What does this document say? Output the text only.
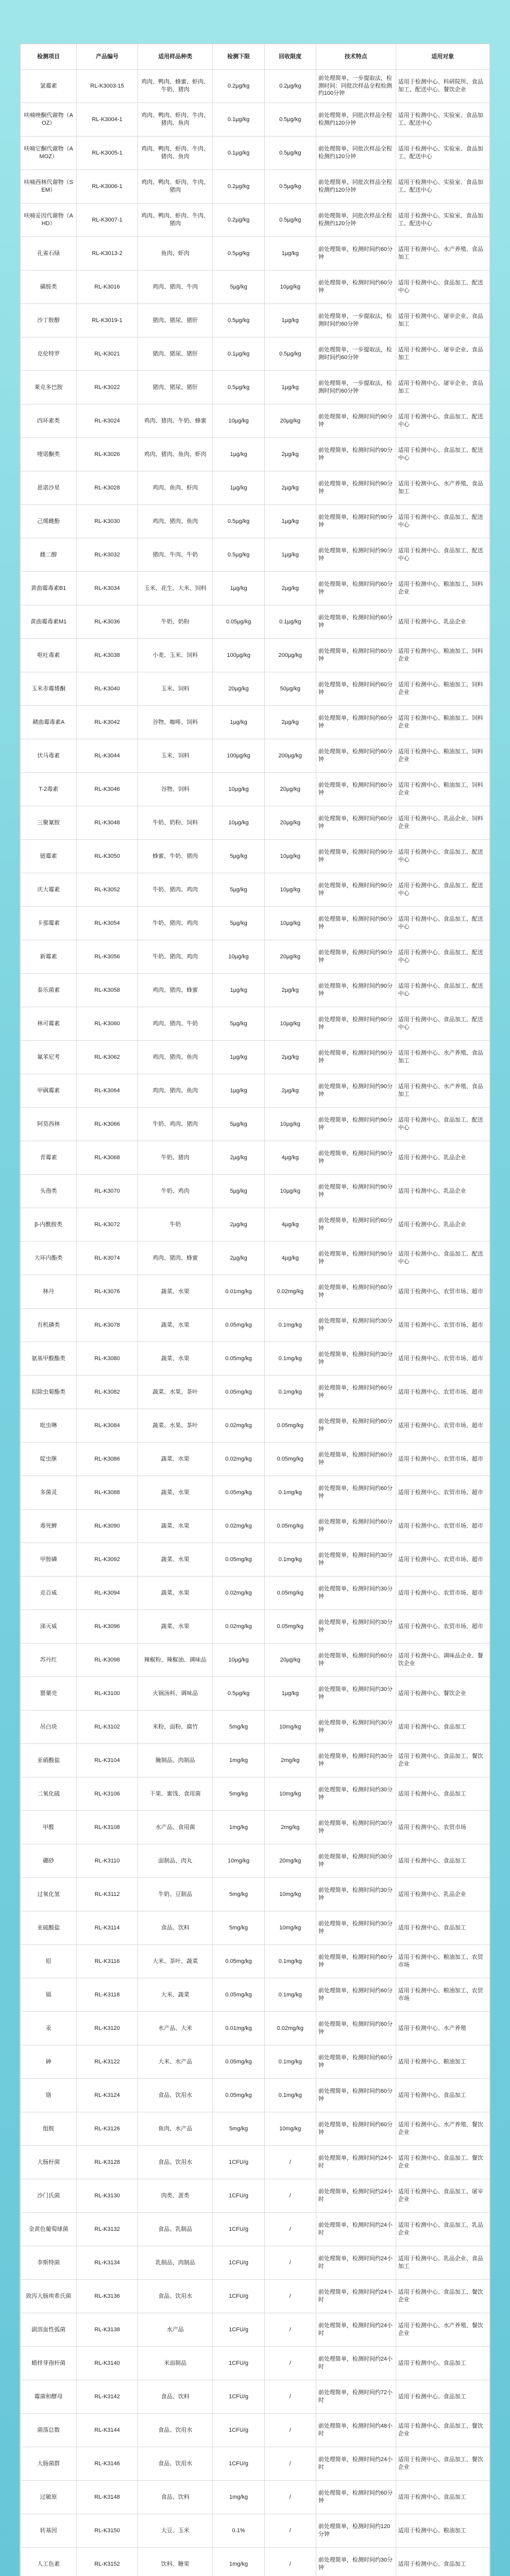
检测项目	产品编号	适用样品种类	检测下限	回收限度	技术特点	适用对象
氯霉素	RL-K3003-15	鸡肉、鸭肉、蜂蜜、虾肉、牛奶、猪肉	0.2µg/kg	0.2µg/kg	前处理简单，一步提取法，检测时间：同批次样品全程检测约100分钟	适用于检测中心、科研院所、食品加工、配送中心、餐饮企业
呋喃唑酮代谢物（AOZ）	RL-K3004-1	鸡肉、鸭肉、虾肉、牛肉、猪肉、鱼肉	0.1µg/kg	0.5µg/kg	前处理简单，同批次样品全程检测约120分钟	适用于检测中心、实验室、食品加工、配送中心
呋喃它酮代谢物（AMOZ）	RL-K3005-1	鸡肉、鸭肉、虾肉、牛肉、猪肉、鱼肉	0.1µg/kg	0.5µg/kg	前处理简单，同批次样品全程检测约120分钟	适用于检测中心、实验室、食品加工、配送中心
呋喃西林代谢物（SEM）	RL-K3006-1	鸡肉、鸭肉、虾肉、牛肉、猪肉	0.2µg/kg	0.5µg/kg	前处理简单，同批次样品全程检测约120分钟	适用于检测中心、实验室、食品加工、配送中心
呋喃妥因代谢物（AHD）	RL-K3007-1	鸡肉、鸭肉、虾肉、牛肉、猪肉	0.2µg/kg	0.5µg/kg	前处理简单，同批次样品全程检测约120分钟	适用于检测中心、实验室、食品加工、配送中心
孔雀石绿	RL-K3013-2	鱼肉、虾肉	0.5µg/kg	1µg/kg	前处理简单，检测时间约60分钟	适用于检测中心、水产养殖、食品加工
磺胺类	RL-K3016	鸡肉、猪肉、牛肉	5µg/kg	10µg/kg	前处理简单，检测时间约60分钟	适用于检测中心、食品加工、配送中心
沙丁胺醇	RL-K3019-1	猪肉、猪尿、猪肝	0.5µg/kg	1µg/kg	前处理简单，一步提取法，检测时间约60分钟	适用于检测中心、屠宰企业、食品加工
克伦特罗	RL-K3021	猪肉、猪尿、猪肝	0.1µg/kg	0.5µg/kg	前处理简单，一步提取法，检测时间约60分钟	适用于检测中心、屠宰企业、食品加工
莱克多巴胺	RL-K3022	猪肉、猪尿、猪肝	0.5µg/kg	1µg/kg	前处理简单，一步提取法，检测时间约60分钟	适用于检测中心、屠宰企业、食品加工
四环素类	RL-K3024	鸡肉、猪肉、牛奶、蜂蜜	10µg/kg	20µg/kg	前处理简单，检测时间约90分钟	适用于检测中心、食品加工、配送中心
喹诺酮类	RL-K3026	鸡肉、猪肉、鱼肉、虾肉	1µg/kg	2µg/kg	前处理简单，检测时间约90分钟	适用于检测中心、食品加工、配送中心
恩诺沙星	RL-K3028	鸡肉、鱼肉、虾肉	1µg/kg	2µg/kg	前处理简单，检测时间约90分钟	适用于检测中心、水产养殖、食品加工
己烯雌酚	RL-K3030	鸡肉、猪肉、鱼肉	0.5µg/kg	1µg/kg	前处理简单，检测时间约90分钟	适用于检测中心、食品加工、配送中心
雌二醇	RL-K3032	猪肉、牛肉、牛奶	0.5µg/kg	1µg/kg	前处理简单，检测时间约90分钟	适用于检测中心、食品加工、配送中心
黄曲霉毒素B1	RL-K3034	玉米、花生、大米、饲料	1µg/kg	2µg/kg	前处理简单，检测时间约60分钟	适用于检测中心、粮油加工、饲料企业
黄曲霉毒素M1	RL-K3036	牛奶、奶粉	0.05µg/kg	0.1µg/kg	前处理简单，检测时间约60分钟	适用于检测中心、乳品企业
呕吐毒素	RL-K3038	小麦、玉米、饲料	100µg/kg	200µg/kg	前处理简单，检测时间约60分钟	适用于检测中心、粮油加工、饲料企业
玉米赤霉烯酮	RL-K3040	玉米、饲料	20µg/kg	50µg/kg	前处理简单，检测时间约60分钟	适用于检测中心、粮油加工、饲料企业
赭曲霉毒素A	RL-K3042	谷物、咖啡、饲料	1µg/kg	2µg/kg	前处理简单，检测时间约60分钟	适用于检测中心、粮油加工、饲料企业
伏马毒素	RL-K3044	玉米、饲料	100µg/kg	200µg/kg	前处理简单，检测时间约60分钟	适用于检测中心、粮油加工、饲料企业
T-2毒素	RL-K3046	谷物、饲料	10µg/kg	20µg/kg	前处理简单，检测时间约60分钟	适用于检测中心、粮油加工、饲料企业
三聚氰胺	RL-K3048	牛奶、奶粉、饲料	10µg/kg	20µg/kg	前处理简单，检测时间约60分钟	适用于检测中心、乳品企业、饲料企业
链霉素	RL-K3050	蜂蜜、牛奶、猪肉	5µg/kg	10µg/kg	前处理简单，检测时间约90分钟	适用于检测中心、食品加工、配送中心
庆大霉素	RL-K3052	牛奶、猪肉、鸡肉	5µg/kg	10µg/kg	前处理简单，检测时间约90分钟	适用于检测中心、食品加工、配送中心
卡那霉素	RL-K3054	牛奶、猪肉、鸡肉	5µg/kg	10µg/kg	前处理简单，检测时间约90分钟	适用于检测中心、食品加工、配送中心
新霉素	RL-K3056	牛奶、猪肉、鸡肉	10µg/kg	20µg/kg	前处理简单，检测时间约90分钟	适用于检测中心、食品加工、配送中心
泰乐菌素	RL-K3058	鸡肉、猪肉、蜂蜜	1µg/kg	2µg/kg	前处理简单，检测时间约90分钟	适用于检测中心、食品加工、配送中心
林可霉素	RL-K3060	鸡肉、猪肉、牛奶	5µg/kg	10µg/kg	前处理简单，检测时间约90分钟	适用于检测中心、食品加工、配送中心
氟苯尼考	RL-K3062	鸡肉、猪肉、鱼肉	1µg/kg	2µg/kg	前处理简单，检测时间约90分钟	适用于检测中心、水产养殖、食品加工
甲砜霉素	RL-K3064	鸡肉、猪肉、鱼肉	1µg/kg	2µg/kg	前处理简单，检测时间约90分钟	适用于检测中心、水产养殖、食品加工
阿莫西林	RL-K3066	牛奶、鸡肉、猪肉	5µg/kg	10µg/kg	前处理简单，检测时间约90分钟	适用于检测中心、食品加工、配送中心
青霉素	RL-K3068	牛奶、猪肉	2µg/kg	4µg/kg	前处理简单，检测时间约90分钟	适用于检测中心、乳品企业
头孢类	RL-K3070	牛奶、鸡肉	5µg/kg	10µg/kg	前处理简单，检测时间约90分钟	适用于检测中心、乳品企业
β-内酰胺类	RL-K3072	牛奶	2µg/kg	4µg/kg	前处理简单，检测时间约60分钟	适用于检测中心、乳品企业
大环内酯类	RL-K3074	鸡肉、猪肉、蜂蜜	2µg/kg	4µg/kg	前处理简单，检测时间约90分钟	适用于检测中心、食品加工、配送中心
林丹	RL-K3076	蔬菜、水果	0.01mg/kg	0.02mg/kg	前处理简单，检测时间约60分钟	适用于检测中心、农贸市场、超市
有机磷类	RL-K3078	蔬菜、水果	0.05mg/kg	0.1mg/kg	前处理简单，检测时间约30分钟	适用于检测中心、农贸市场、超市
氨基甲酸酯类	RL-K3080	蔬菜、水果	0.05mg/kg	0.1mg/kg	前处理简单，检测时间约30分钟	适用于检测中心、农贸市场、超市
拟除虫菊酯类	RL-K3082	蔬菜、水果、茶叶	0.05mg/kg	0.1mg/kg	前处理简单，检测时间约60分钟	适用于检测中心、农贸市场、超市
吡虫啉	RL-K3084	蔬菜、水果、茶叶	0.02mg/kg	0.05mg/kg	前处理简单，检测时间约60分钟	适用于检测中心、农贸市场、超市
啶虫脒	RL-K3086	蔬菜、水果	0.02mg/kg	0.05mg/kg	前处理简单，检测时间约60分钟	适用于检测中心、农贸市场、超市
多菌灵	RL-K3088	蔬菜、水果	0.05mg/kg	0.1mg/kg	前处理简单，检测时间约60分钟	适用于检测中心、农贸市场、超市
毒死蜱	RL-K3090	蔬菜、水果	0.02mg/kg	0.05mg/kg	前处理简单，检测时间约60分钟	适用于检测中心、农贸市场、超市
甲胺磷	RL-K3092	蔬菜、水果	0.05mg/kg	0.1mg/kg	前处理简单，检测时间约30分钟	适用于检测中心、农贸市场、超市
克百威	RL-K3094	蔬菜、水果	0.02mg/kg	0.05mg/kg	前处理简单，检测时间约30分钟	适用于检测中心、农贸市场、超市
涕灭威	RL-K3096	蔬菜、水果	0.02mg/kg	0.05mg/kg	前处理简单，检测时间约30分钟	适用于检测中心、农贸市场、超市
苏丹红	RL-K3098	辣椒粉、辣椒油、调味品	10µg/kg	20µg/kg	前处理简单，检测时间约60分钟	适用于检测中心、调味品企业、餐饮企业
罂粟壳	RL-K3100	火锅汤料、调味品	0.5µg/kg	1µg/kg	前处理简单，检测时间约30分钟	适用于检测中心、餐饮企业
吊白块	RL-K3102	米粉、面粉、腐竹	5mg/kg	10mg/kg	前处理简单，检测时间约30分钟	适用于检测中心、食品加工
亚硝酸盐	RL-K3104	腌制品、肉制品	1mg/kg	2mg/kg	前处理简单，检测时间约30分钟	适用于检测中心、食品加工、餐饮企业
二氧化硫	RL-K3106	干果、蜜饯、食用菌	5mg/kg	10mg/kg	前处理简单，检测时间约30分钟	适用于检测中心、食品加工
甲醛	RL-K3108	水产品、食用菌	1mg/kg	2mg/kg	前处理简单，检测时间约30分钟	适用于检测中心、农贸市场
硼砂	RL-K3110	面制品、肉丸	10mg/kg	20mg/kg	前处理简单，检测时间约30分钟	适用于检测中心、食品加工
过氧化氢	RL-K3112	牛奶、豆制品	5mg/kg	10mg/kg	前处理简单，检测时间约30分钟	适用于检测中心、乳品企业
亚硫酸盐	RL-K3114	食品、饮料	5mg/kg	10mg/kg	前处理简单，检测时间约30分钟	适用于检测中心、食品加工
铅	RL-K3116	大米、茶叶、蔬菜	0.05mg/kg	0.1mg/kg	前处理简单，检测时间约60分钟	适用于检测中心、粮油加工、农贸市场
镉	RL-K3118	大米、蔬菜	0.05mg/kg	0.1mg/kg	前处理简单，检测时间约60分钟	适用于检测中心、粮油加工、农贸市场
汞	RL-K3120	水产品、大米	0.01mg/kg	0.02mg/kg	前处理简单，检测时间约60分钟	适用于检测中心、水产养殖
砷	RL-K3122	大米、水产品	0.05mg/kg	0.1mg/kg	前处理简单，检测时间约60分钟	适用于检测中心、粮油加工
铬	RL-K3124	食品、饮用水	0.05mg/kg	0.1mg/kg	前处理简单，检测时间约60分钟	适用于检测中心、食品加工
组胺	RL-K3126	鱼肉、水产品	5mg/kg	10mg/kg	前处理简单，检测时间约60分钟	适用于检测中心、水产养殖、餐饮企业
大肠杆菌	RL-K3128	食品、饮用水	1CFU/g	/	前处理简单，检测时间约24小时	适用于检测中心、食品加工、餐饮企业
沙门氏菌	RL-K3130	肉类、蛋类	1CFU/g	/	前处理简单，检测时间约24小时	适用于检测中心、食品加工、屠宰企业
金黄色葡萄球菌	RL-K3132	食品、乳制品	1CFU/g	/	前处理简单，检测时间约24小时	适用于检测中心、食品加工、乳品企业
李斯特菌	RL-K3134	乳制品、肉制品	1CFU/g	/	前处理简单，检测时间约24小时	适用于检测中心、乳品企业、食品加工
致泻大肠埃希氏菌	RL-K3136	食品、饮用水	1CFU/g	/	前处理简单，检测时间约24小时	适用于检测中心、食品加工、餐饮企业
副溶血性弧菌	RL-K3138	水产品	1CFU/g	/	前处理简单，检测时间约24小时	适用于检测中心、水产养殖、餐饮企业
蜡样芽孢杆菌	RL-K3140	米面制品	1CFU/g	/	前处理简单，检测时间约24小时	适用于检测中心、食品加工
霉菌和酵母	RL-K3142	食品、饮料	1CFU/g	/	前处理简单，检测时间约72小时	适用于检测中心、食品加工
菌落总数	RL-K3144	食品、饮用水	1CFU/g	/	前处理简单，检测时间约48小时	适用于检测中心、食品加工、餐饮企业
大肠菌群	RL-K3146	食品、饮用水	1CFU/g	/	前处理简单，检测时间约24小时	适用于检测中心、食品加工、餐饮企业
过敏原	RL-K3148	食品、饮料	1mg/kg	/	前处理简单，检测时间约60分钟	适用于检测中心、食品加工
转基因	RL-K3150	大豆、玉米	0.1%	/	前处理简单，检测时间约120分钟	适用于检测中心、粮油加工
人工色素	RL-K3152	饮料、糖果	1mg/kg	/	前处理简单，检测时间约30分钟	适用于检测中心、食品加工
